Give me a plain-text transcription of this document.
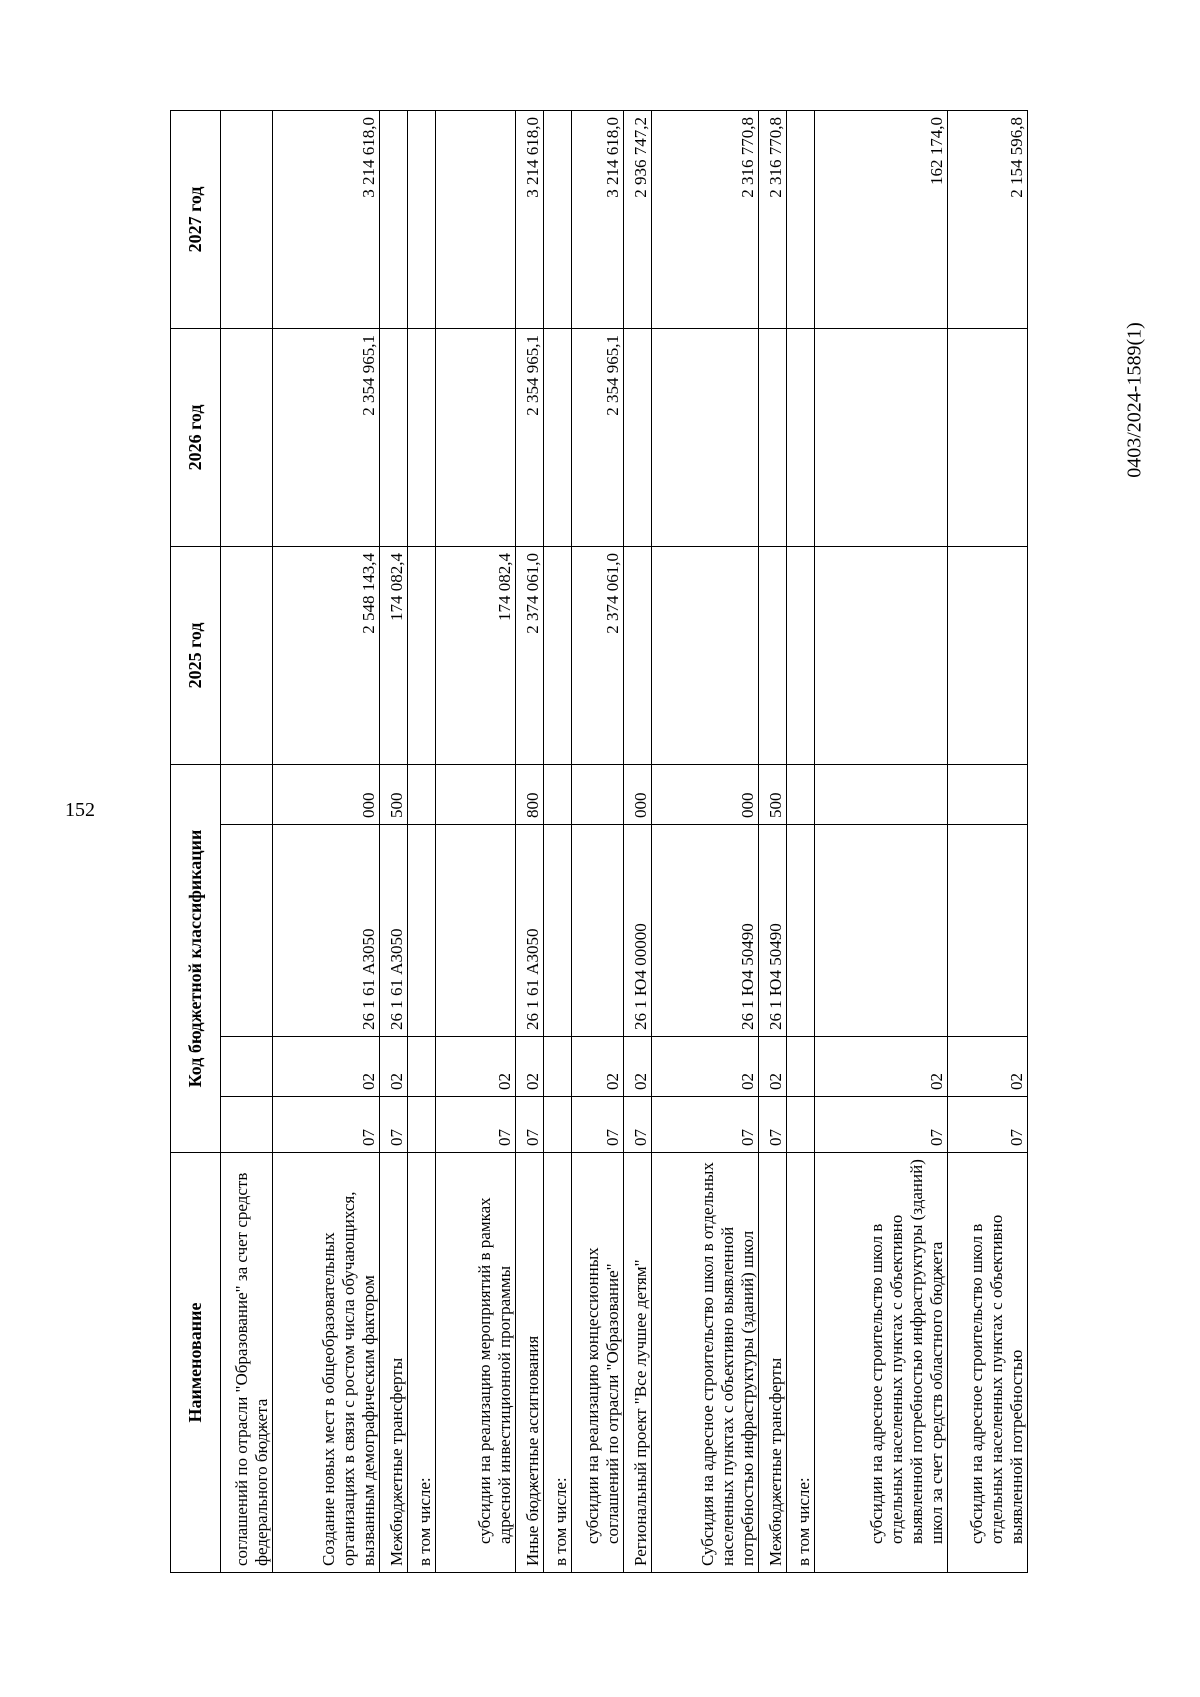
152
0403/2024-1589(1)
Наименование	Код бюджетной классификации				2025 год	2026 год	2027 год
соглашений по отрасли "Образование" за счет средств федерального бюджета							
Создание новых мест в общеобразовательных организациях в связи с ростом числа обучающихся, вызванным демографическим фактором	07	02	26 1 61 А3050	000	2 548 143,4	2 354 965,1	3 214 618,0
Межбюджетные трансферты	07	02	26 1 61 А3050	500	174 082,4		
в том числе:							
субсидии на реализацию мероприятий в рамках адресной инвестиционной программы	07	02			174 082,4		
Иные бюджетные ассигнования	07	02	26 1 61 А3050	800	2 374 061,0	2 354 965,1	3 214 618,0
в том числе:							
субсидии на реализацию концессионных соглашений по отрасли "Образование"	07	02			2 374 061,0	2 354 965,1	3 214 618,0
Региональный проект "Все лучшее детям"	07	02	26 1 Ю4 00000	000			2 936 747,2
Субсидия на адресное строительство школ в отдельных населенных пунктах с объективно выявленной потребностью инфраструктуры (зданий) школ	07	02	26 1 Ю4 50490	000			2 316 770,8
Межбюджетные трансферты	07	02	26 1 Ю4 50490	500			2 316 770,8
в том числе:							
субсидии на адресное строительство школ в отдельных населенных пунктах с объективно выявленной потребностью инфраструктуры (зданий) школ за счет средств областного бюджета	07	02					162 174,0
субсидии на адресное строительство школ в отдельных населенных пунктах с объективно выявленной потребностью	07	02					2 154 596,8
